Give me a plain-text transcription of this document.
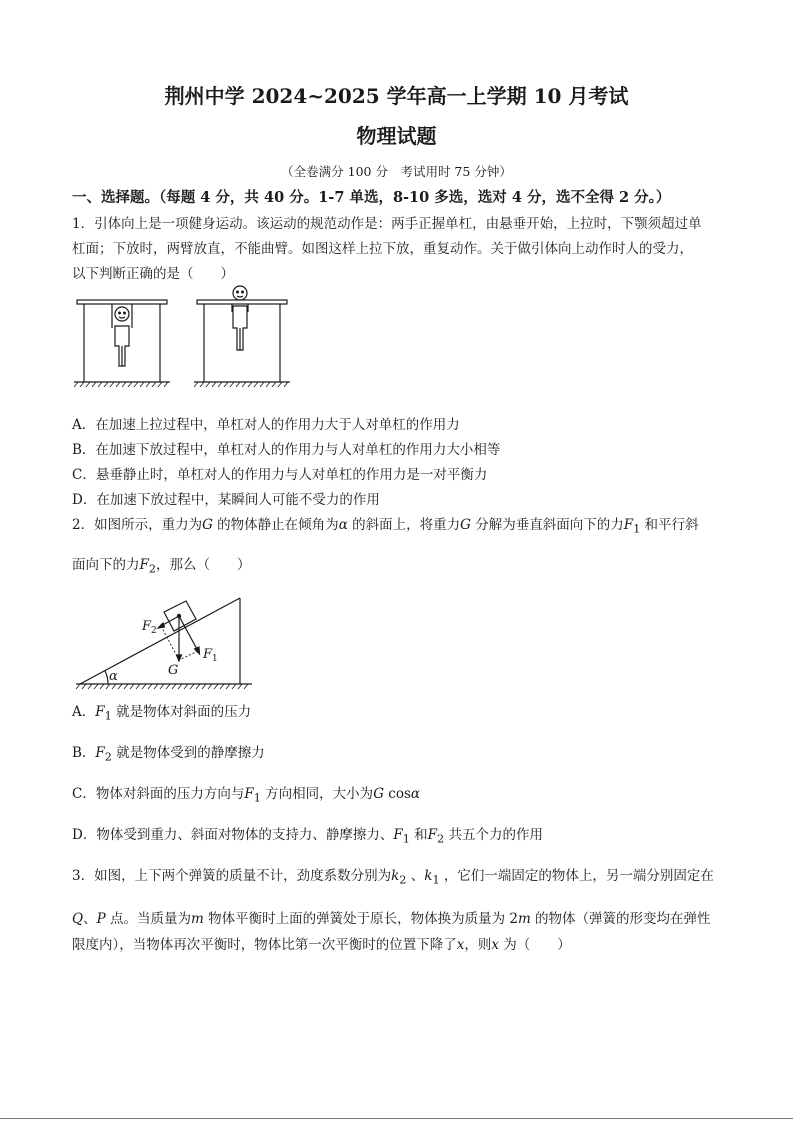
荆州中学 2024~2025 学年高一上学期 10 月考试
物理试题
（全卷满分 100 分　考试用时 75 分钟）
一、选择题。（每题 4 分，共 40 分。1-7 单选，8-10 多选，选对 4 分，选不全得 2 分。）
1．引体向上是一项健身运动。该运动的规范动作是：两手正握单杠，由悬垂开始，上拉时，下颚须超过单
杠面；下放时，两臂放直，不能曲臂。如图这样上拉下放，重复动作。关于做引体向上动作时人的受力，
以下判断正确的是（　　）
A．在加速上拉过程中，单杠对人的作用力大于人对单杠的作用力
B．在加速下放过程中，单杠对人的作用力与人对单杠的作用力大小相等
C．悬垂静止时，单杠对人的作用力与人对单杠的作用力是一对平衡力
D．在加速下放过程中，某瞬间人可能不受力的作用
2．如图所示，重力为G 的物体静止在倾角为α 的斜面上，将重力G 分解为垂直斜面向下的力$F_1$ 和平行斜
面向下的力$F_2$，那么（　　）
$F_2$
$F_1$
G
α
A．$F_1$ 就是物体对斜面的压力
B．$F_2$ 就是物体受到的静摩擦力
C．物体对斜面的压力方向与$F_1$ 方向相同，大小为G cosα
D．物体受到重力、斜面对物体的支持力、静摩擦力、$F_1$ 和$F_2$ 共五个力的作用
3．如图，上下两个弹簧的质量不计，劲度系数分别为$k_2$ 、$k_1$ ，它们一端固定的物体上，另一端分别固定在
Q、P 点。当质量为m 物体平衡时上面的弹簧处于原长，物体换为质量为 2m 的物体（弹簧的形变均在弹性
限度内），当物体再次平衡时，物体比第一次平衡时的位置下降了x，则x 为（　　）
